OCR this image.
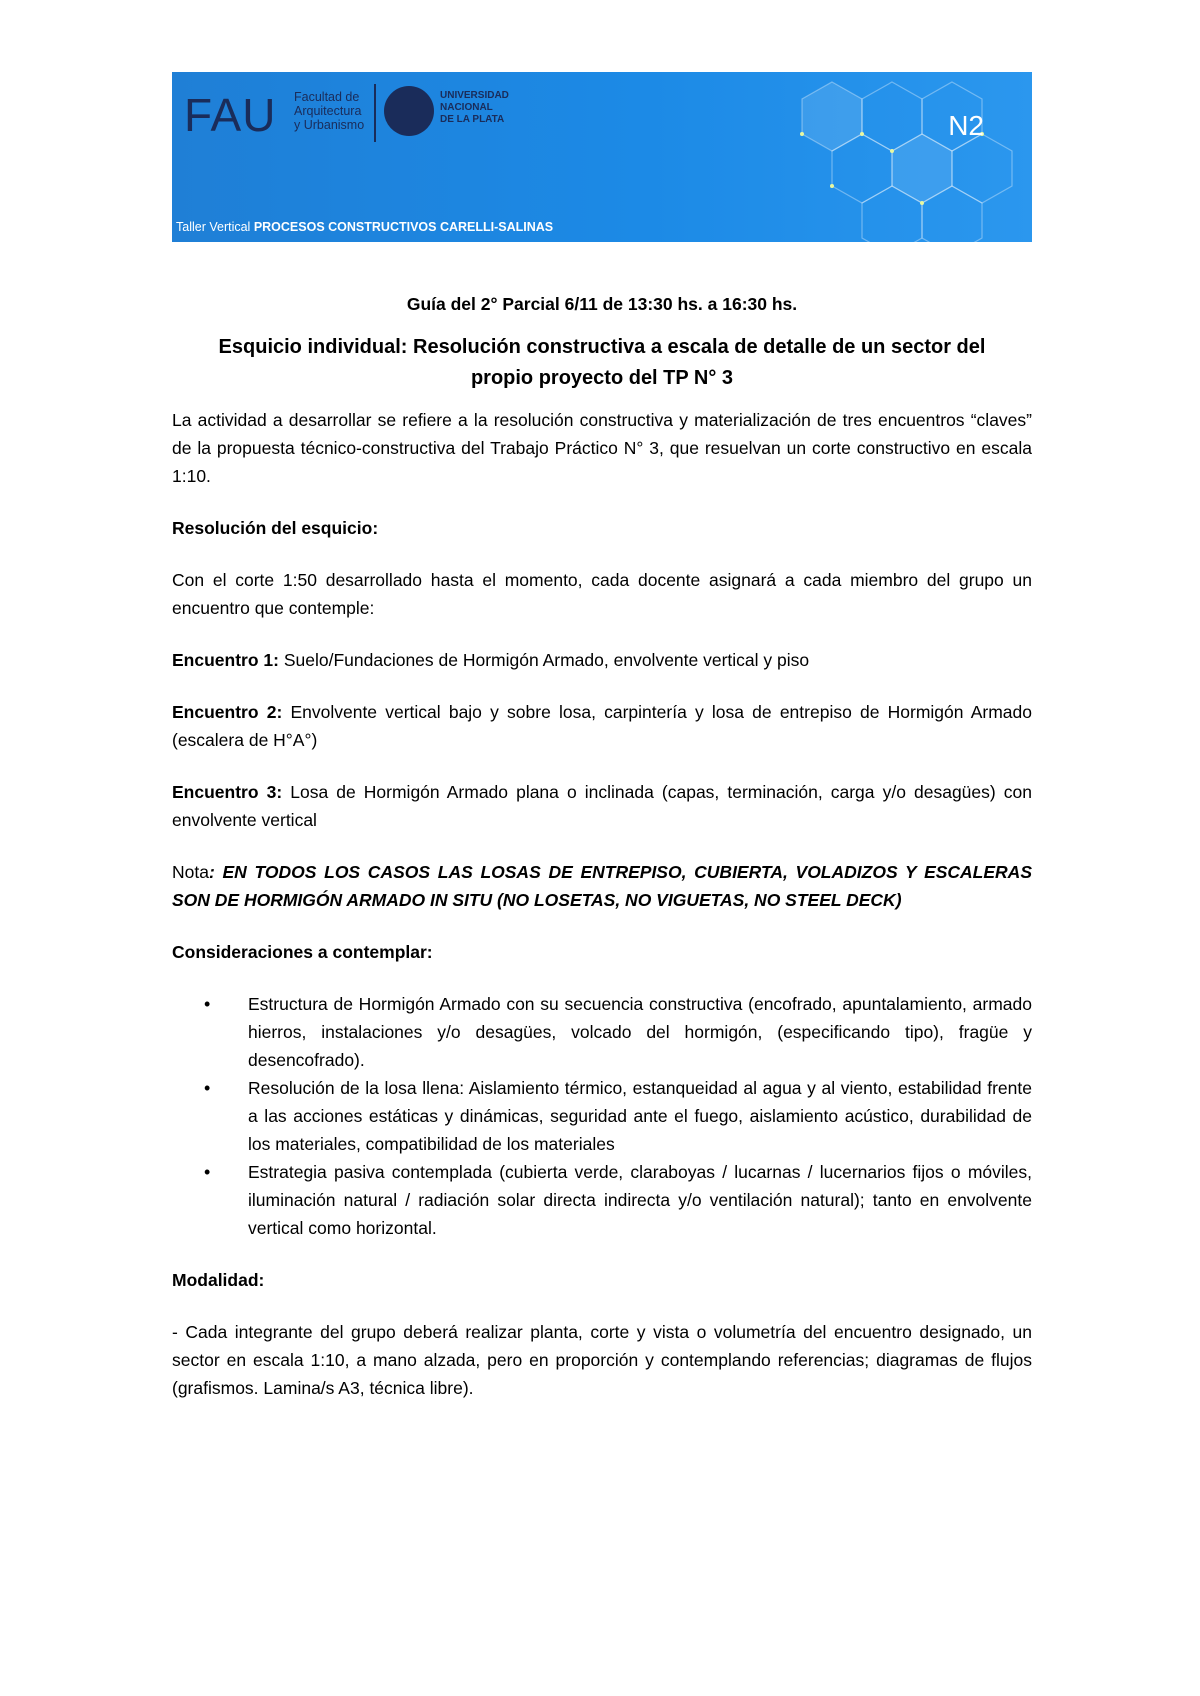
FAU Facultad de
Arquitectura
y Urbanismo
UNIVERSIDAD
NACIONAL
DE LA PLATA	N2
Taller Vertical PROCESOS CONSTRUCTIVOS CARELLI-SALINAS
Guía del 2° Parcial 6/11 de 13:30 hs. a 16:30 hs.
Esquicio individual: Resolución constructiva a escala de detalle de un sector del
propio proyecto del TP N° 3

La actividad a desarrollar se refiere a la resolución constructiva y materialización de tres encuentros “claves” de la propuesta técnico-constructiva del Trabajo Práctico N° 3, que resuelvan un corte constructivo en escala 1:10.

Resolución del esquicio:

Con el corte 1:50 desarrollado hasta el momento, cada docente asignará a cada miembro del grupo un encuentro que contemple:

Encuentro 1: Suelo/Fundaciones de Hormigón Armado, envolvente vertical y piso

Encuentro 2: Envolvente vertical bajo y sobre losa, carpintería y losa de entrepiso de Hormigón Armado (escalera de H°A°)

Encuentro 3: Losa de Hormigón Armado plana o inclinada (capas, terminación, carga y/o desagües) con envolvente vertical

Nota: EN TODOS LOS CASOS LAS LOSAS DE ENTREPISO, CUBIERTA, VOLADIZOS Y ESCALERAS SON DE HORMIGÓN ARMADO IN SITU (NO LOSETAS, NO VIGUETAS, NO STEEL DECK)

Consideraciones a contemplar:

• Estructura de Hormigón Armado con su secuencia constructiva (encofrado, apuntalamiento, armado hierros, instalaciones y/o desagües, volcado del hormigón, (especificando tipo), fragüe y desencofrado).
• Resolución de la losa llena: Aislamiento térmico, estanqueidad al agua y al viento, estabilidad frente a las acciones estáticas y dinámicas, seguridad ante el fuego, aislamiento acústico, durabilidad de los materiales, compatibilidad de los materiales
• Estrategia pasiva contemplada (cubierta verde, claraboyas / lucarnas / lucernarios fijos o móviles, iluminación natural / radiación solar directa indirecta y/o ventilación natural); tanto en envolvente vertical como horizontal.

Modalidad:

- Cada integrante del grupo deberá realizar planta, corte y vista o volumetría del encuentro designado, un sector en escala 1:10, a mano alzada, pero en proporción y contemplando referencias; diagramas de flujos (grafismos. Lamina/s A3, técnica libre).
